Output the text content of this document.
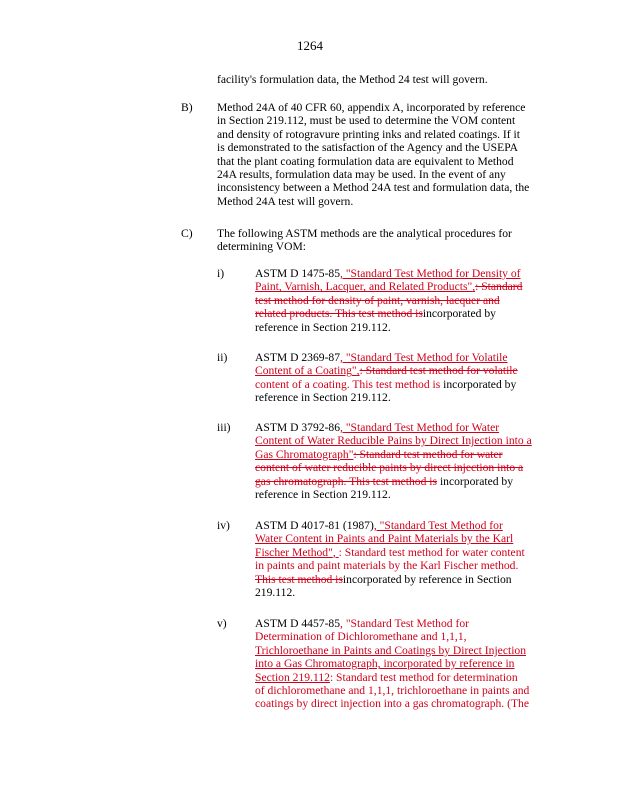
1264
facility's formulation data, the Method 24 test will govern.
B) Method 24A of 40 CFR 60, appendix A, incorporated by reference
in Section 219.112, must be used to determine the VOM content
and density of rotogravure printing inks and related coatings. If it
is demonstrated to the satisfaction of the Agency and the USEPA
that the plant coating formulation data are equivalent to Method
24A results, formulation data may be used. In the event of any
inconsistency between a Method 24A test and formulation data, the
Method 24A test will govern.
C) The following ASTM methods are the analytical procedures for
determining VOM:
i)	ASTM D 1475-85, "Standard Test Method for Density of
Paint, Varnish, Lacquer, and Related Products",: Standard
test method for density of paint, varnish, lacquer and
related products. This test method isincorporated by
reference in Section 219.112.
ii) ASTM D 2369-87, "Standard Test Method for Volatile
Content of a Coating",: Standard test method for volatile
content of a coating. This test method is incorporated by
reference in Section 219.112.
iii) ASTM D 3792-86, "Standard Test Method for Water
Content of Water Reducible Pains by Direct Injection into a
Gas Chromatograph": Standard test method for water
content of water reducible paints by direct injection into a
gas chromatograph. This test method is incorporated by
reference in Section 219.112.
iv) ASTM D 4017-81 (1987), "Standard Test Method for
Water Content in Paints and Paint Materials by the Karl
Fischer Method", : Standard test method for water content
in paints and paint materials by the Karl Fischer method.
This test method isincorporated by reference in Section
219.112.
v) ASTM D 4457-85, "Standard Test Method for
Determination of Dichloromethane and 1,1,1,
Trichloroethane in Paints and Coatings by Direct Injection
into a Gas Chromatograph, incorporated by reference in
Section 219.112: Standard test method for determination
of dichloromethane and 1,1,1, trichloroethane in paints and
coatings by direct injection into a gas chromatograph. (The
